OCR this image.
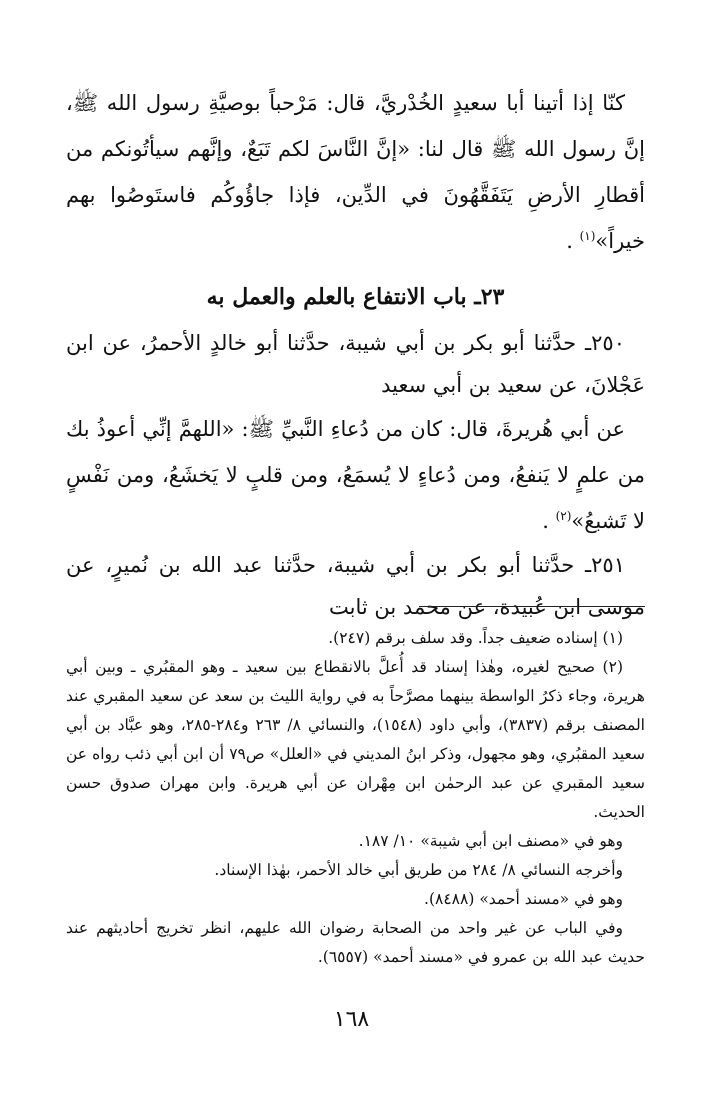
كنّا إذا أتينا أبا سعيدٍ الخُدْريَّ، قال: مَرْحباً بوصيَّةِ رسول الله ﷺ، إنَّ رسول الله ﷺ قال لنا: «إنَّ النَّاسَ لكم تَبَعٌ، وإنَّهم سيأتُونكم من أقطارِ الأرضِ يَتَفَقَّهُونَ في الدِّين، فإذا جاؤُوكُم فاستَوصُوا بهم خيراً»$^{(١)}$ .

٢٣ـ باب الانتفاع بالعلم والعمل به

٢٥٠ـ حدَّثنا أبو بكر بن أبي شيبة، حدَّثنا أبو خالدٍ الأحمرُ، عن ابن عَجْلانَ، عن سعيد بن أبي سعيد

عن أبي هُريرةَ، قال: كان من دُعاءِ النَّبيِّ ﷺ: «اللهمَّ إنِّي أعوذُ بك من علمٍ لا يَنفعُ، ومن دُعاءٍ لا يُسمَعُ، ومن قلبٍ لا يَخشَعُ، ومن نَفْسٍ لا تَشبعُ»$^{(٢)}$ .

٢٥١ـ حدَّثنا أبو بكر بن أبي شيبة، حدَّثنا عبد الله بن نُميرٍ، عن موسى ابن عُبيدة، عن محمد بن ثابت

(١) إسناده ضعيف جداً. وقد سلف برقم (٢٤٧).

(٢) صحيح لغيره، وهٰذا إسناد قد أُعلَّ بالانقطاع بين سعيد ـ وهو المقبُري ـ وبين أبي هريرة، وجاء ذكرُ الواسطة بينهما مصرَّحاً به في رواية الليث بن سعد عن سعيد المقبري عند المصنف برقم (٣٨٣٧)، وأبي داود (١٥٤٨)، والنسائي ٨/ ٢٦٣ و٢٨٤-٢٨٥، وهو عبَّاد بن أبي سعيد المقبُري، وهو مجهول، وذكر ابنُ المديني في «العلل» ص٧٩ أن ابن أبي ذئب رواه عن سعيد المقبري عن عبد الرحمٰن ابن مِهْران عن أبي هريرة. وابن مهران صدوق حسن الحديث.

وهو في «مصنف ابن أبي شيبة» ١٠/ ١٨٧.

وأخرجه النسائي ٨/ ٢٨٤ من طريق أبي خالد الأحمر، بهٰذا الإسناد.

وهو في «مسند أحمد» (٨٤٨٨).

وفي الباب عن غير واحد من الصحابة رضوان الله عليهم، انظر تخريج أحاديثهم عند حديث عبد الله بن عمرو في «مسند أحمد» (٦٥٥٧).

١٦٨
